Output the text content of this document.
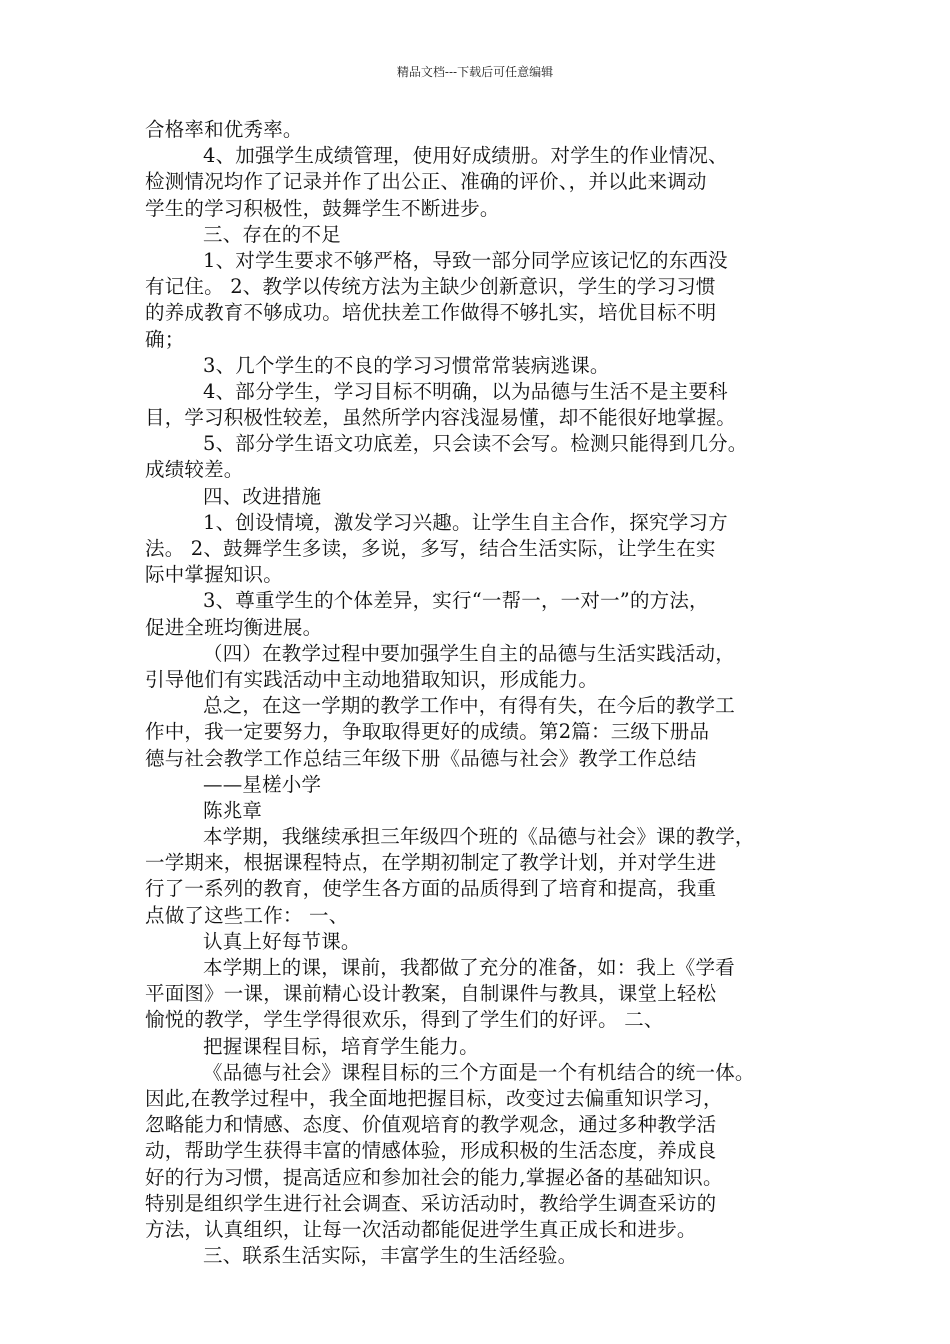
精品文档---下载后可任意编辑
合格率和优秀率。
4、加强学生成绩管理，使用好成绩册。对学生的作业情况、
检测情况均作了记录并作了出公正、准确的评价、，并以此来调动
学生的学习积极性，鼓舞学生不断进步。
三、存在的不足
1、对学生要求不够严格，导致一部分同学应该记忆的东西没
有记住。 2、教学以传统方法为主缺少创新意识，学生的学习习惯
的养成教育不够成功。培优扶差工作做得不够扎实，培优目标不明
确；
3、几个学生的不良的学习习惯常常装病逃课。
4、部分学生，学习目标不明确，以为品德与生活不是主要科
目，学习积极性较差，虽然所学内容浅湿易懂，却不能很好地掌握。
5、部分学生语文功底差，只会读不会写。检测只能得到几分。
成绩较差。
四、改进措施
1、创设情境，激发学习兴趣。让学生自主合作，探究学习方
法。 2、鼓舞学生多读，多说，多写，结合生活实际，让学生在实
际中掌握知识。
3、尊重学生的个体差异，实行“一帮一，一对一”的方法，
促进全班均衡进展。
（四）在教学过程中要加强学生自主的品德与生活实践活动，
引导他们有实践活动中主动地猎取知识，形成能力。
总之，在这一学期的教学工作中，有得有失，在今后的教学工
作中，我一定要努力，争取取得更好的成绩。第2篇：三级下册品
德与社会教学工作总结三年级下册《品德与社会》教学工作总结
——星槎小学
陈兆章
本学期，我继续承担三年级四个班的《品德与社会》课的教学，
一学期来，根据课程特点，在学期初制定了教学计划，并对学生进
行了一系列的教育，使学生各方面的品质得到了培育和提高，我重
点做了这些工作： 一、
认真上好每节课。
本学期上的课，课前，我都做了充分的准备，如：我上《学看
平面图》一课，课前精心设计教案，自制课件与教具，课堂上轻松
愉悦的教学，学生学得很欢乐，得到了学生们的好评。 二、
把握课程目标，培育学生能力。
《品德与社会》课程目标的三个方面是一个有机结合的统一体。
因此,在教学过程中，我全面地把握目标，改变过去偏重知识学习，
忽略能力和情感、态度、价值观培育的教学观念，通过多种教学活
动，帮助学生获得丰富的情感体验，形成积极的生活态度，养成良
好的行为习惯，提高适应和参加社会的能力,掌握必备的基础知识。
特别是组织学生进行社会调查、采访活动时，教给学生调查采访的
方法，认真组织，让每一次活动都能促进学生真正成长和进步。
三、联系生活实际，丰富学生的生活经验。
